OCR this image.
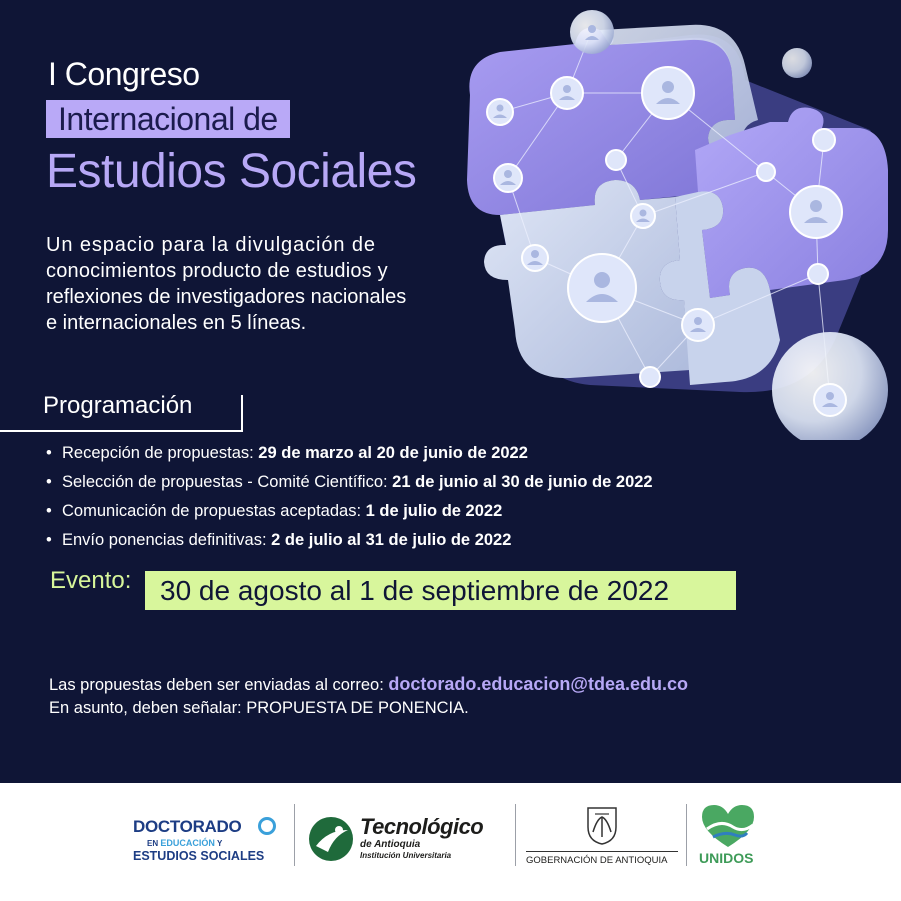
I Congreso
Internacional de
Estudios Sociales
Un espacio para la divulgación de
conocimientos producto de estudios y
reflexiones de investigadores nacionales
e internacionales en 5 líneas.
Programación
• Recepción de propuestas: 29 de marzo al 20 de junio de 2022
• Selección de propuestas - Comité Científico: 21 de junio al 30 de junio de 2022
• Comunicación de propuestas aceptadas: 1 de julio de 2022
• Envío ponencias definitivas: 2 de julio al 31 de julio de 2022
Evento: 30 de agosto al 1 de septiembre de 2022
Las propuestas deben ser enviadas al correo: doctorado.educacion@tdea.edu.co
En asunto, deben señalar: PROPUESTA DE PONENCIA.
DOCTORADO
EN EDUCACIÓN Y
ESTUDIOS SOCIALES
Tecnológico
de Antioquia
Institución Universitaria	GOBERNACIÓN DE ANTIOQUIA UNIDOS
